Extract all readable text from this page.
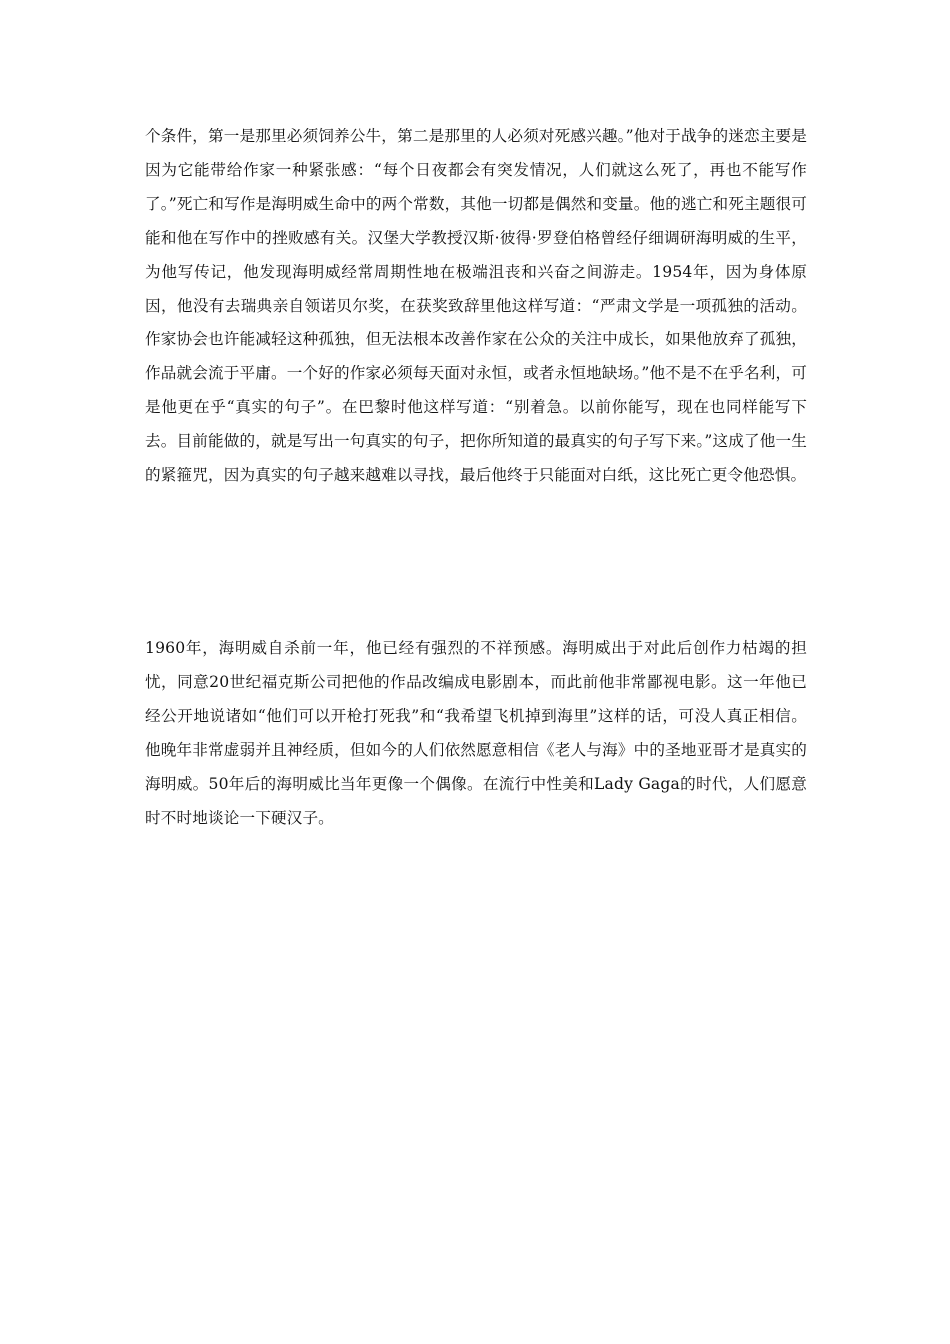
个条件，第一是那里必须饲养公牛，第二是那里的人必须对死感兴趣。”他对于战争的迷恋主要是因为它能带给作家一种紧张感：“每个日夜都会有突发情况，人们就这么死了，再也不能写作了。”死亡和写作是海明威生命中的两个常数，其他一切都是偶然和变量。他的逃亡和死主题很可能和他在写作中的挫败感有关。汉堡大学教授汉斯·彼得·罗登伯格曾经仔细调研海明威的生平，为他写传记，他发现海明威经常周期性地在极端沮丧和兴奋之间游走。1954年，因为身体原因，他没有去瑞典亲自领诺贝尔奖，在获奖致辞里他这样写道：“严肃文学是一项孤独的活动。作家协会也许能减轻这种孤独，但无法根本改善作家在公众的关注中成长，如果他放弃了孤独，作品就会流于平庸。一个好的作家必须每天面对永恒，或者永恒地缺场。”他不是不在乎名利，可是他更在乎“真实的句子”。在巴黎时他这样写道：“别着急。以前你能写，现在也同样能写下去。目前能做的，就是写出一句真实的句子，把你所知道的最真实的句子写下来。”这成了他一生的紧箍咒，因为真实的句子越来越难以寻找，最后他终于只能面对白纸，这比死亡更令他恐惧。

1960年，海明威自杀前一年，他已经有强烈的不祥预感。海明威出于对此后创作力枯竭的担忧，同意20世纪福克斯公司把他的作品改编成电影剧本，而此前他非常鄙视电影。这一年他已经公开地说诸如“他们可以开枪打死我”和“我希望飞机掉到海里”这样的话，可没人真正相信。他晚年非常虚弱并且神经质，但如今的人们依然愿意相信《老人与海》中的圣地亚哥才是真实的海明威。50年后的海明威比当年更像一个偶像。在流行中性美和Lady Gaga的时代，人们愿意时不时地谈论一下硬汉子。
